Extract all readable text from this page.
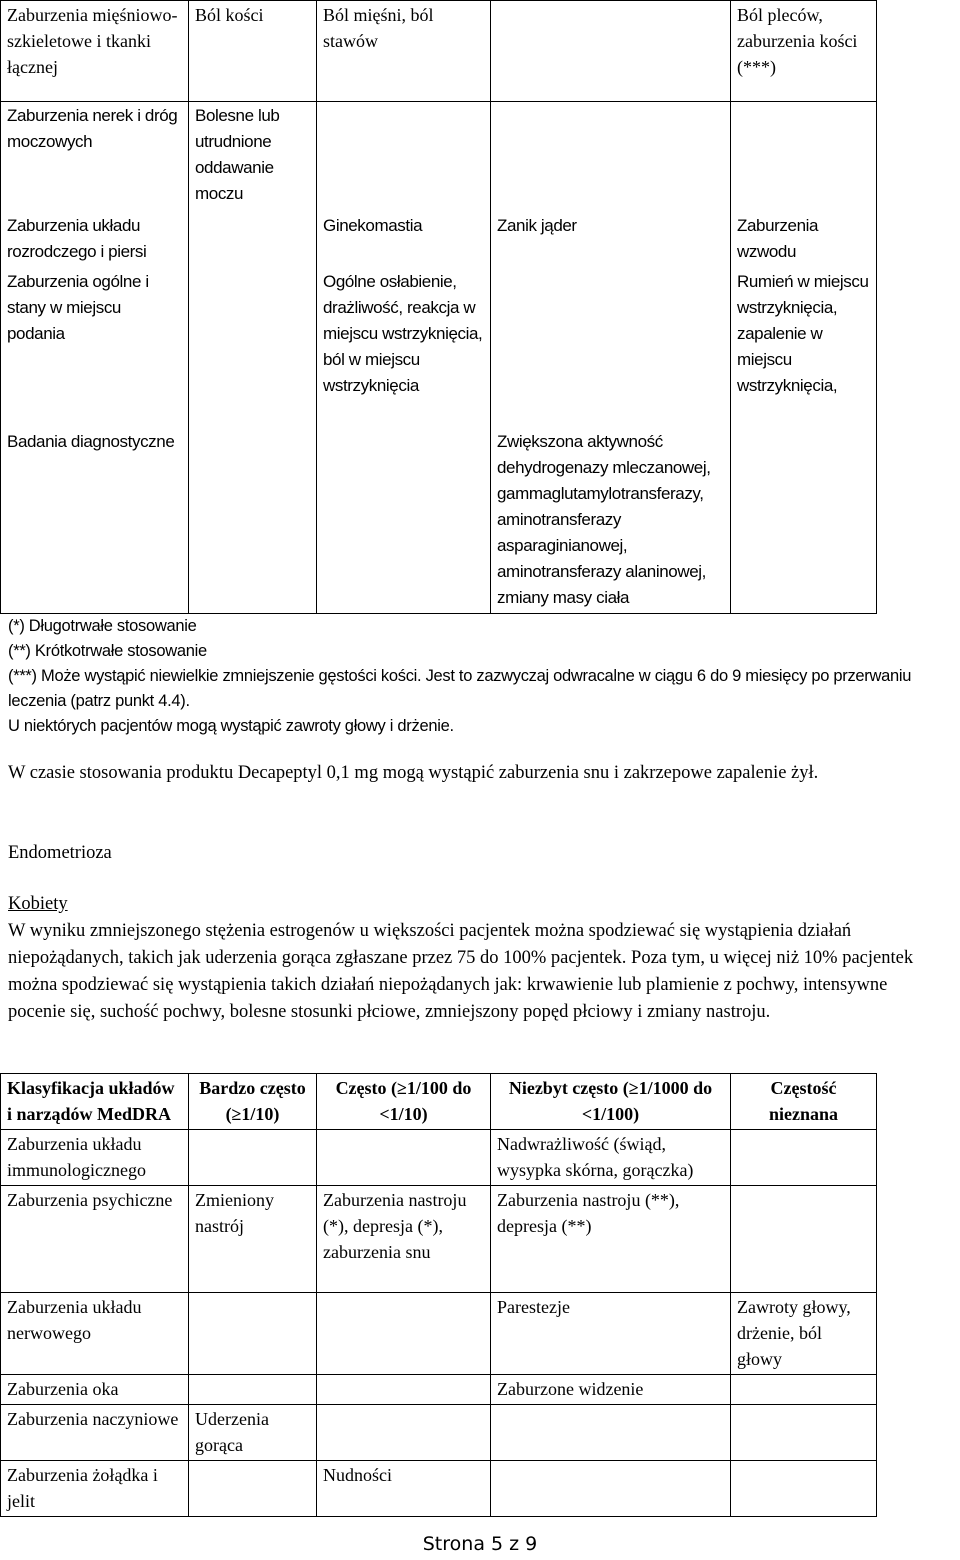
Zaburzenia mięśniowo-szkieletowe i tkanki łącznej	Ból kości	Ból mięśni, ból stawów		Ból pleców, zaburzenia kości (***)
Zaburzenia nerek i dróg moczowych	Bolesne lub utrudnione oddawanie moczu			
Zaburzenia układu rozrodczego i piersi		Ginekomastia	Zanik jąder	Zaburzenia wzwodu
Zaburzenia ogólne i stany w miejscu podania		Ogólne osłabienie, drażliwość, reakcja w miejscu wstrzyknięcia, ból w miejscu wstrzyknięcia		Rumień w miejscu wstrzyknięcia, zapalenie w miejscu wstrzyknięcia,
Badania diagnostyczne			Zwiększona aktywność dehydrogenazy mleczanowej, gammaglutamylotransferazy, aminotransferazy asparaginianowej, aminotransferazy alaninowej, zmiany masy ciała	
(*) Długotrwałe stosowanie
(**) Krótkotrwałe stosowanie
(***) Może wystąpić niewielkie zmniejszenie gęstości kości. Jest to zazwyczaj odwracalne w ciągu 6 do 9 miesięcy po przerwaniu leczenia (patrz punkt 4.4).
U niektórych pacjentów mogą wystąpić zawroty głowy i drżenie.
W czasie stosowania produktu Decapeptyl 0,1 mg mogą wystąpić zaburzenia snu i zakrzepowe zapalenie żył.
Endometrioza
Kobiety
W wyniku zmniejszonego stężenia estrogenów u większości pacjentek można spodziewać się wystąpienia działań niepożądanych, takich jak uderzenia gorąca zgłaszane przez 75 do 100% pacjentek. Poza tym, u więcej niż 10% pacjentek można spodziewać się wystąpienia takich działań niepożądanych jak: krwawienie lub plamienie z pochwy, intensywne pocenie się, suchość pochwy, bolesne stosunki płciowe, zmniejszony popęd płciowy i zmiany nastroju.
Klasyfikacja układów i narządów MedDRA	Bardzo często (≥1/10)	Często (≥1/100 do <1/10)	Niezbyt często (≥1/1000 do <1/100)	Częstość nieznana
Zaburzenia układu immunologicznego			Nadwrażliwość (świąd, wysypka skórna, gorączka)	
Zaburzenia psychiczne	Zmieniony nastrój	Zaburzenia nastroju (*), depresja (*), zaburzenia snu	Zaburzenia nastroju (**), depresja (**)	
Zaburzenia układu nerwowego			Parestezje	Zawroty głowy, drżenie, ból głowy
Zaburzenia oka			Zaburzone widzenie	
Zaburzenia naczyniowe	Uderzenia gorąca			
Zaburzenia żołądka i jelit		Nudności		
Strona 5 z 9
